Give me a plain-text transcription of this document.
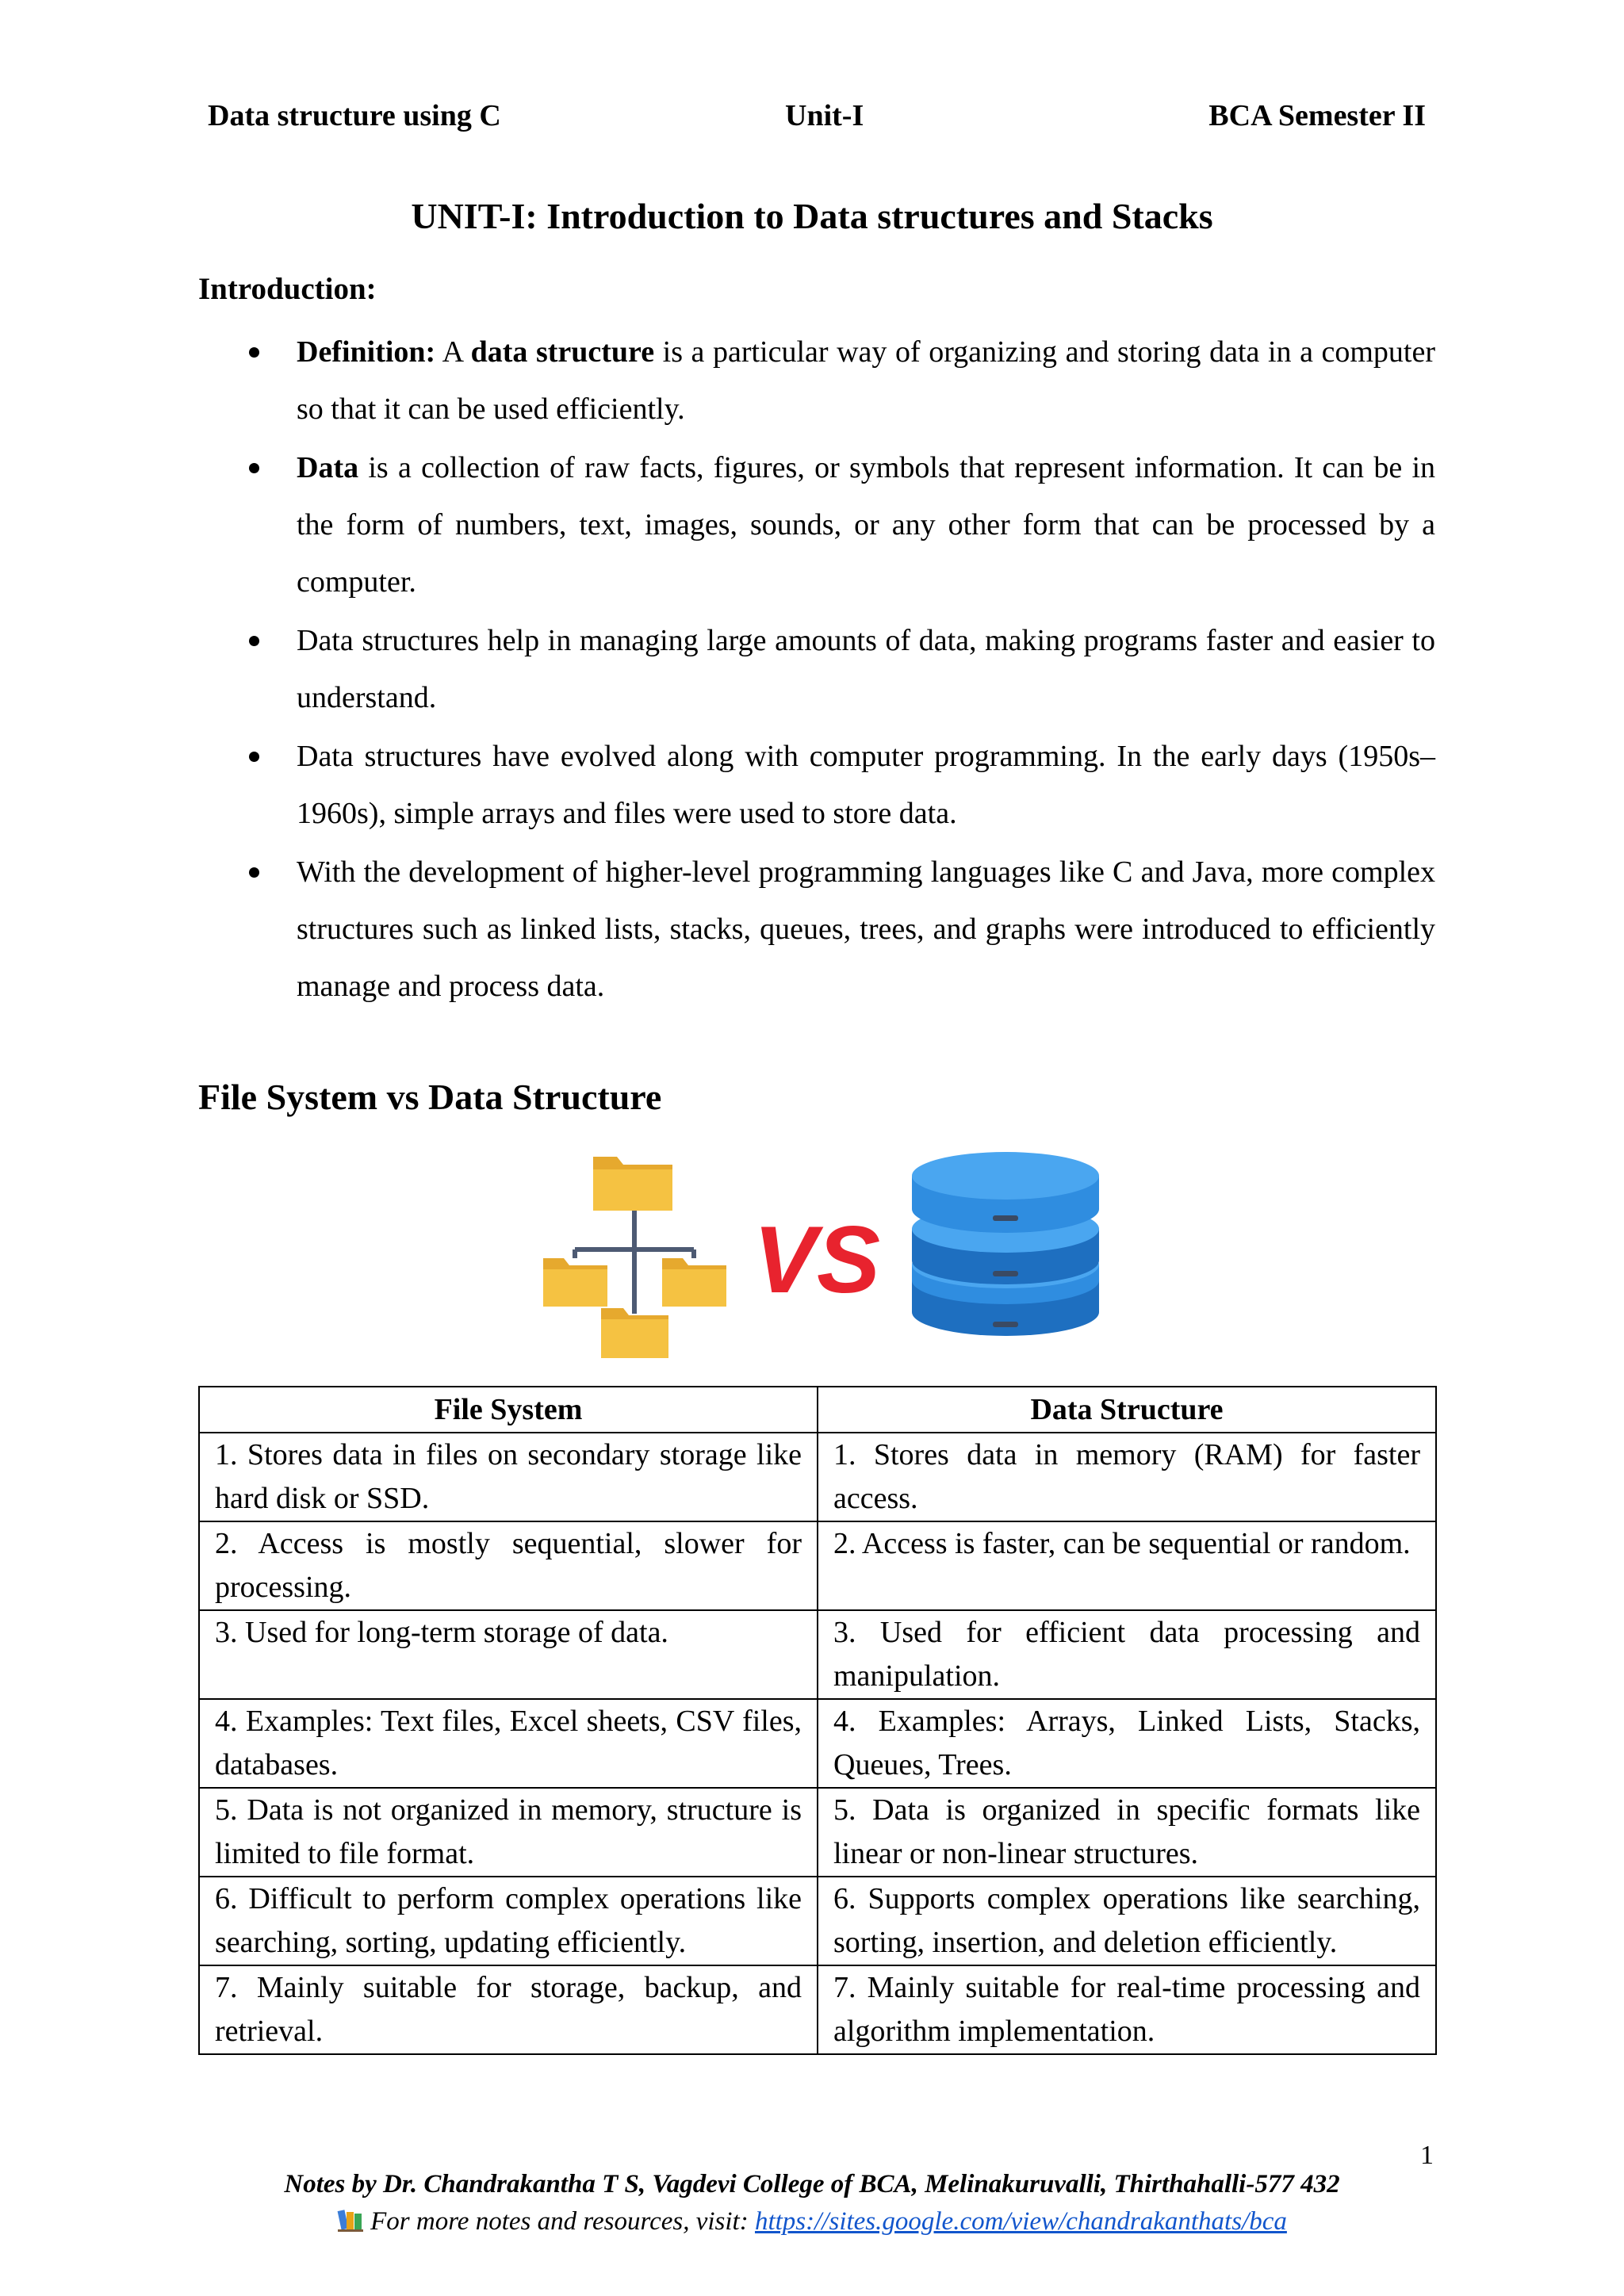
Data structure using C	Unit-I	BCA Semester II
UNIT-I: Introduction to Data structures and Stacks
Introduction:
Definition: A data structure is a particular way of organizing and storing data in a computer so that it can be used efficiently.
Data is a collection of raw facts, figures, or symbols that represent information. It can be in the form of numbers, text, images, sounds, or any other form that can be processed by a computer.
Data structures help in managing large amounts of data, making programs faster and easier to understand.
Data structures have evolved along with computer programming. In the early days (1950s–1960s), simple arrays and files were used to store data.
With the development of higher-level programming languages like C and Java, more complex structures such as linked lists, stacks, queues, trees, and graphs were introduced to efficiently manage and process data.
File System vs Data Structure
VS
File System	Data Structure
1. Stores data in files on secondary storage like hard disk or SSD.	1. Stores data in memory (RAM) for faster access.
2. Access is mostly sequential, slower for processing.	2. Access is faster, can be sequential or random.
3. Used for long-term storage of data.	3. Used for efficient data processing and manipulation.
4. Examples: Text files, Excel sheets, CSV files, databases.	4. Examples: Arrays, Linked Lists, Stacks, Queues, Trees.
5. Data is not organized in memory, structure is limited to file format.	5. Data is organized in specific formats like linear or non-linear structures.
6. Difficult to perform complex operations like searching, sorting, updating efficiently.	6. Supports complex operations like searching, sorting, insertion, and deletion efficiently.
7. Mainly suitable for storage, backup, and retrieval.	7. Mainly suitable for real-time processing and algorithm implementation.
1
Notes by Dr. Chandrakantha T S, Vagdevi College of BCA, Melinakuruvalli, Thirthahalli-577 432
For more notes and resources, visit: https://sites.google.com/view/chandrakanthats/bca
